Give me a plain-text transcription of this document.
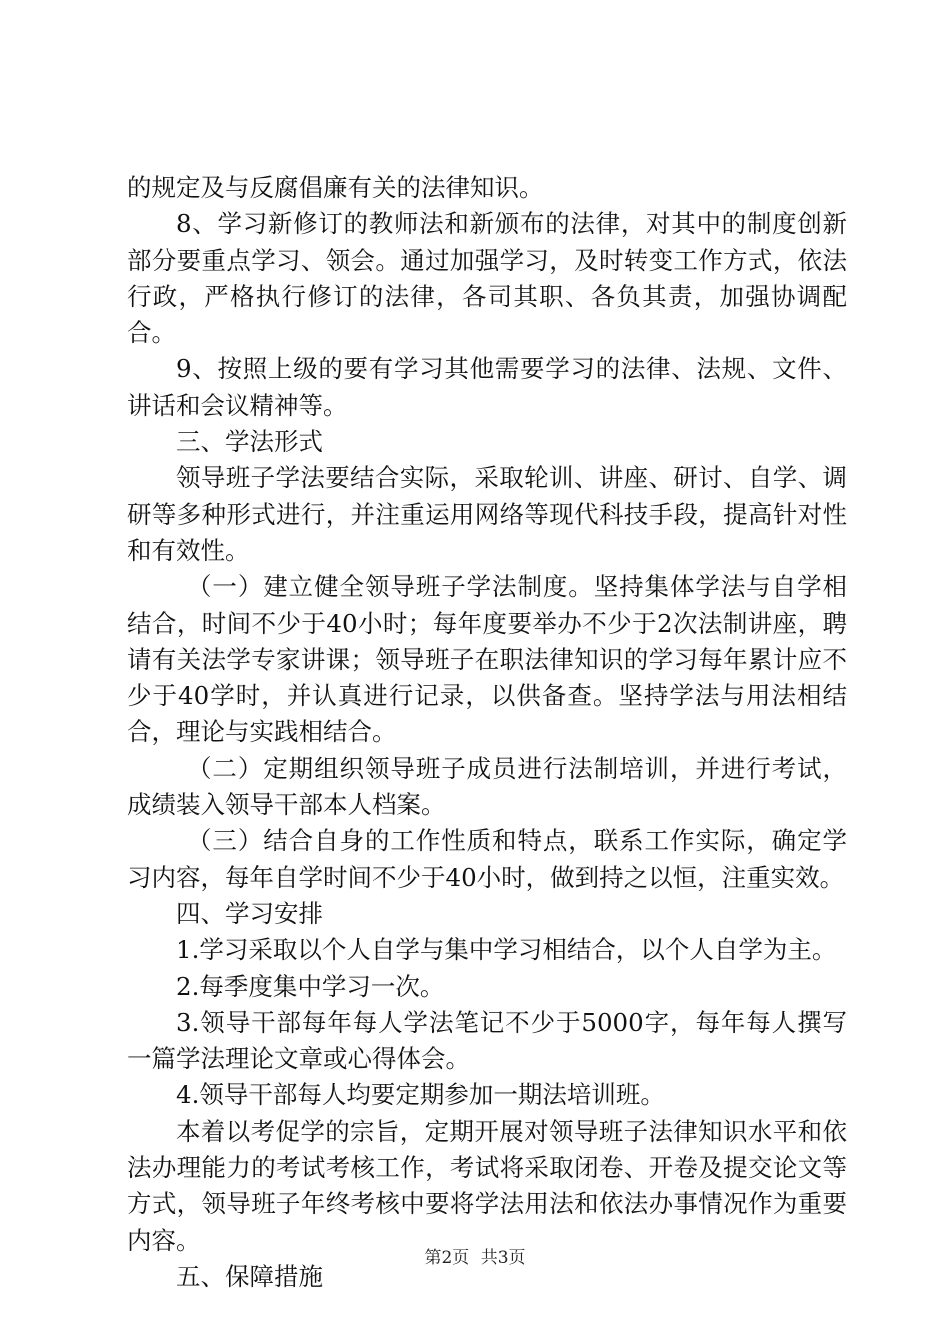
的规定及与反腐倡廉有关的法律知识。

8、学习新修订的教师法和新颁布的法律，对其中的制度创新部分要重点学习、领会。通过加强学习，及时转变工作方式，依法行政，严格执行修订的法律，各司其职、各负其责，加强协调配合。

9、按照上级的要有学习其他需要学习的法律、法规、文件、讲话和会议精神等。

三、学法形式

领导班子学法要结合实际，采取轮训、讲座、研讨、自学、调研等多种形式进行，并注重运用网络等现代科技手段，提高针对性和有效性。

（一）建立健全领导班子学法制度。坚持集体学法与自学相结合，时间不少于40小时；每年度要举办不少于2次法制讲座，聘请有关法学专家讲课；领导班子在职法律知识的学习每年累计应不少于40学时，并认真进行记录，以供备查。坚持学法与用法相结合，理论与实践相结合。

（二）定期组织领导班子成员进行法制培训，并进行考试，成绩装入领导干部本人档案。

（三）结合自身的工作性质和特点，联系工作实际，确定学习内容，每年自学时间不少于40小时，做到持之以恒，注重实效。

四、学习安排

1.学习采取以个人自学与集中学习相结合，以个人自学为主。

2.每季度集中学习一次。

3.领导干部每年每人学法笔记不少于5000字，每年每人撰写一篇学法理论文章或心得体会。

4.领导干部每人均要定期参加一期法培训班。

本着以考促学的宗旨，定期开展对领导班子法律知识水平和依法办理能力的考试考核工作，考试将采取闭卷、开卷及提交论文等方式，领导班子年终考核中要将学法用法和依法办事情况作为重要内容。

五、保障措施

第2页 共3页
